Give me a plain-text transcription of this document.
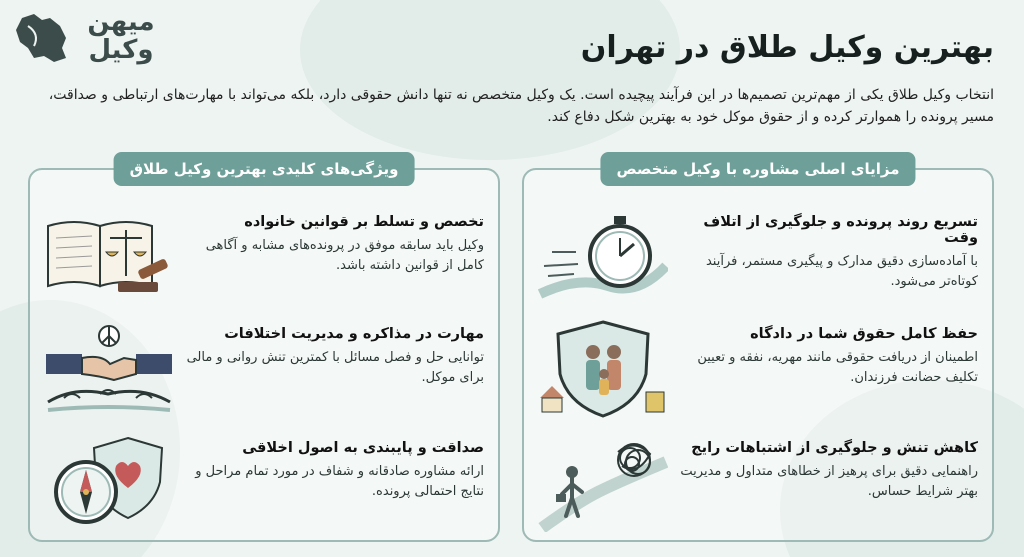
میهن
وکیل	بهترین وکیل طلاق در تهران
انتخاب وکیل طلاق یکی از مهم‌ترین تصمیم‌ها در این فرآیند پیچیده است. یک وکیل متخصص نه تنها دانش حقوقی دارد، بلکه می‌تواند با مهارت‌های ارتباطی و صداقت، مسیر پرونده را هموارتر کرده و از حقوق موکل خود به بهترین شکل دفاع کند.
مزایای اصلی مشاوره با وکیل متخصص
تسریع روند پرونده و جلوگیری از اتلاف وقت
با آماده‌سازی دقیق مدارک و پیگیری مستمر، فرآیند کوتاه‌تر می‌شود.
حفظ کامل حقوق شما در دادگاه
اطمینان از دریافت حقوقی مانند مهریه، نفقه و تعیین تکلیف حضانت فرزندان.
کاهش تنش و جلوگیری از اشتباهات رایج
راهنمایی دقیق برای پرهیز از خطاهای متداول و مدیریت بهتر شرایط حساس.
ویژگی‌های کلیدی بهترین وکیل طلاق
تخصص و تسلط بر قوانین خانواده
وکیل باید سابقه موفق در پرونده‌های مشابه و آگاهی کامل از قوانین داشته باشد.
مهارت در مذاکره و مدیریت اختلافات
توانایی حل و فصل مسائل با کمترین تنش روانی و مالی برای موکل.
صداقت و پایبندی به اصول اخلاقی
ارائه مشاوره صادقانه و شفاف در مورد تمام مراحل و نتایج احتمالی پرونده.
